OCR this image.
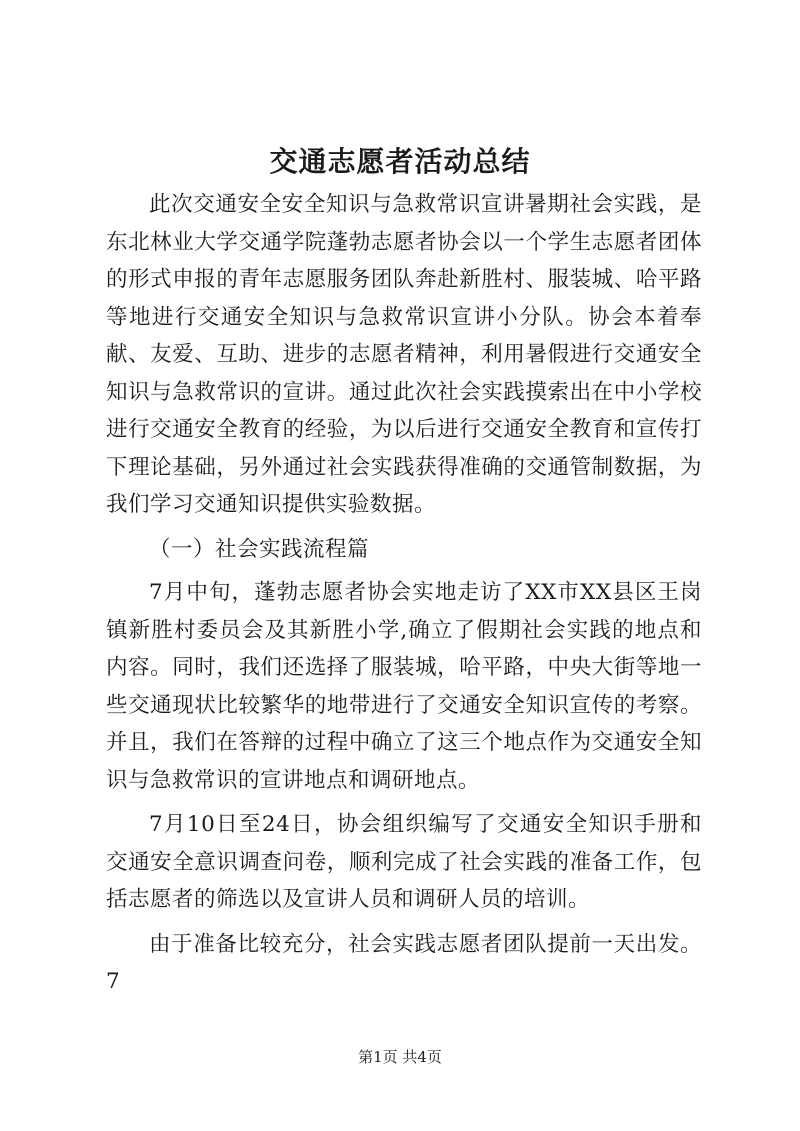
交通志愿者活动总结

此次交通安全安全知识与急救常识宣讲暑期社会实践，是东北林业大学交通学院蓬勃志愿者协会以一个学生志愿者团体的形式申报的青年志愿服务团队奔赴新胜村、服装城、哈平路等地进行交通安全知识与急救常识宣讲小分队。协会本着奉献、友爱、互助、进步的志愿者精神，利用暑假进行交通安全知识与急救常识的宣讲。通过此次社会实践摸索出在中小学校进行交通安全教育的经验，为以后进行交通安全教育和宣传打下理论基础，另外通过社会实践获得准确的交通管制数据，为我们学习交通知识提供实验数据。

（一）社会实践流程篇

7月中旬，蓬勃志愿者协会实地走访了XX市XX县区王岗镇新胜村委员会及其新胜小学,确立了假期社会实践的地点和内容。同时，我们还选择了服装城，哈平路，中央大街等地一些交通现状比较繁华的地带进行了交通安全知识宣传的考察。并且，我们在答辩的过程中确立了这三个地点作为交通安全知识与急救常识的宣讲地点和调研地点。

7月10日至24日，协会组织编写了交通安全知识手册和交通安全意识调查问卷，顺利完成了社会实践的准备工作，包括志愿者的筛选以及宣讲人员和调研人员的培训。

由于准备比较充分，社会实践志愿者团队提前一天出发。7

第1页 共4页
